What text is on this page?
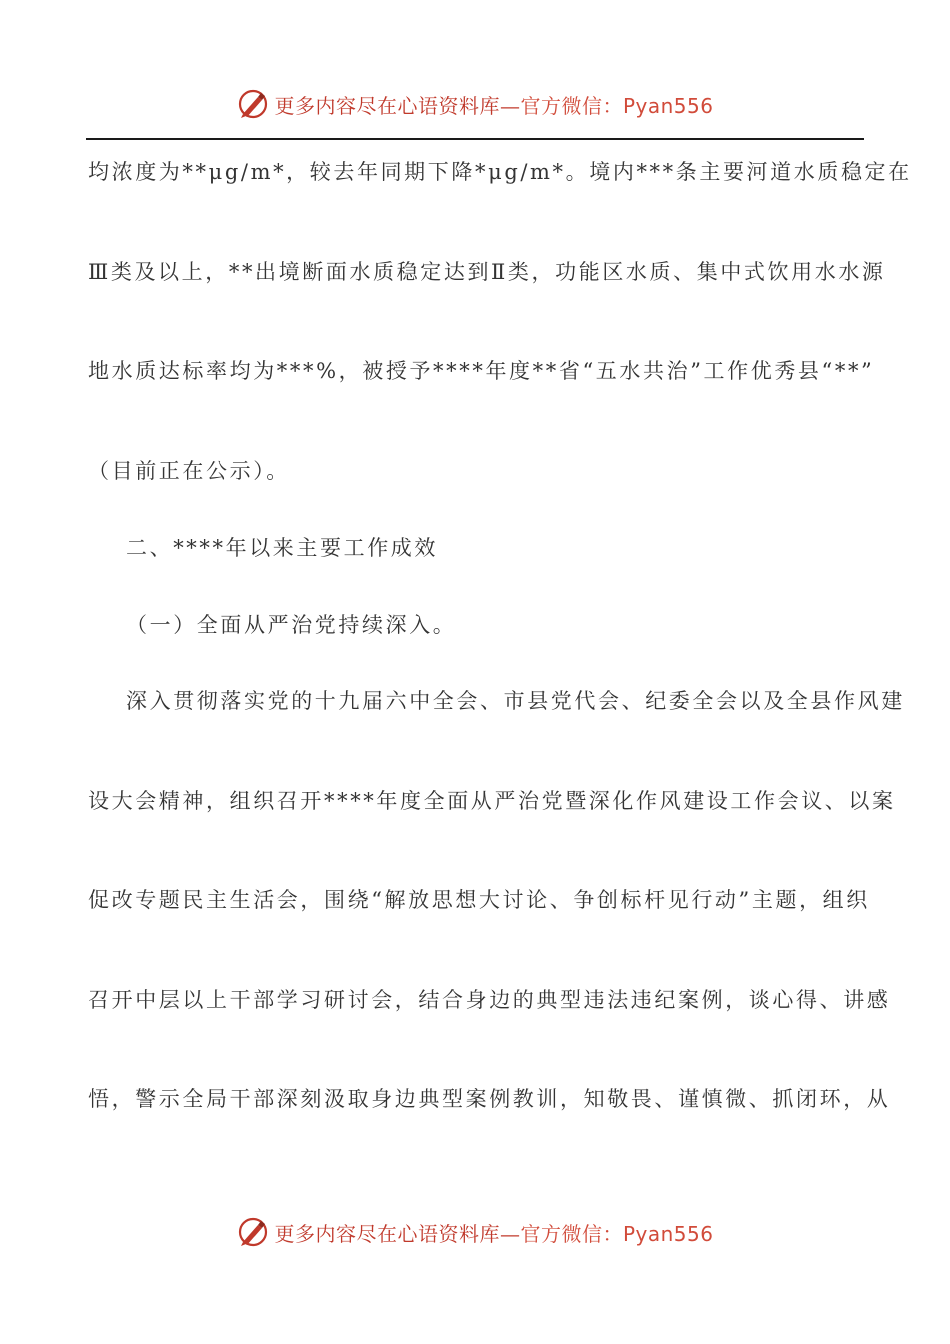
更多内容尽在心语资料库—官方微信：Pyan556
均浓度为**μg/m*，较去年同期下降*μg/m*。境内***条主要河道水质稳定在
Ⅲ类及以上，**出境断面水质稳定达到Ⅱ类，功能区水质、集中式饮用水水源
地水质达标率均为***%，被授予****年度**省“五水共治”工作优秀县“**”
（目前正在公示）。
二、****年以来主要工作成效
（一）全面从严治党持续深入。
深入贯彻落实党的十九届六中全会、市县党代会、纪委全会以及全县作风建
设大会精神，组织召开****年度全面从严治党暨深化作风建设工作会议、以案
促改专题民主生活会，围绕“解放思想大讨论、争创标杆见行动”主题，组织
召开中层以上干部学习研讨会，结合身边的典型违法违纪案例，谈心得、讲感
悟，警示全局干部深刻汲取身边典型案例教训，知敬畏、谨慎微、抓闭环，从
更多内容尽在心语资料库—官方微信：Pyan556
